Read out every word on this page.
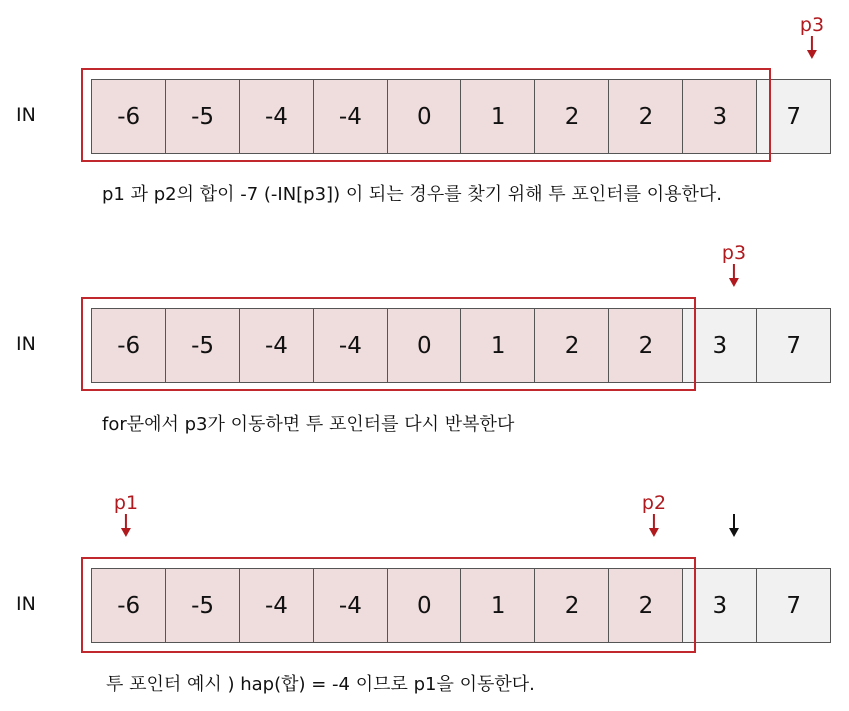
p3
IN	-6	-5	-4	-4	0	1	2	2	3	7
p1 과 p2의 합이 -7 (-IN[p3]) 이 되는 경우를 찾기 위해 투 포인터를 이용한다.
p3
IN	-6	-5	-4	-4	0	1	2	2	3	7
for문에서 p3가 이동하면 투 포인터를 다시 반복한다
p1	p2
IN	-6	-5	-4	-4	0	1	2	2	3	7
투 포인터 예시 ) hap(합) = -4 이므로 p1을 이동한다.
